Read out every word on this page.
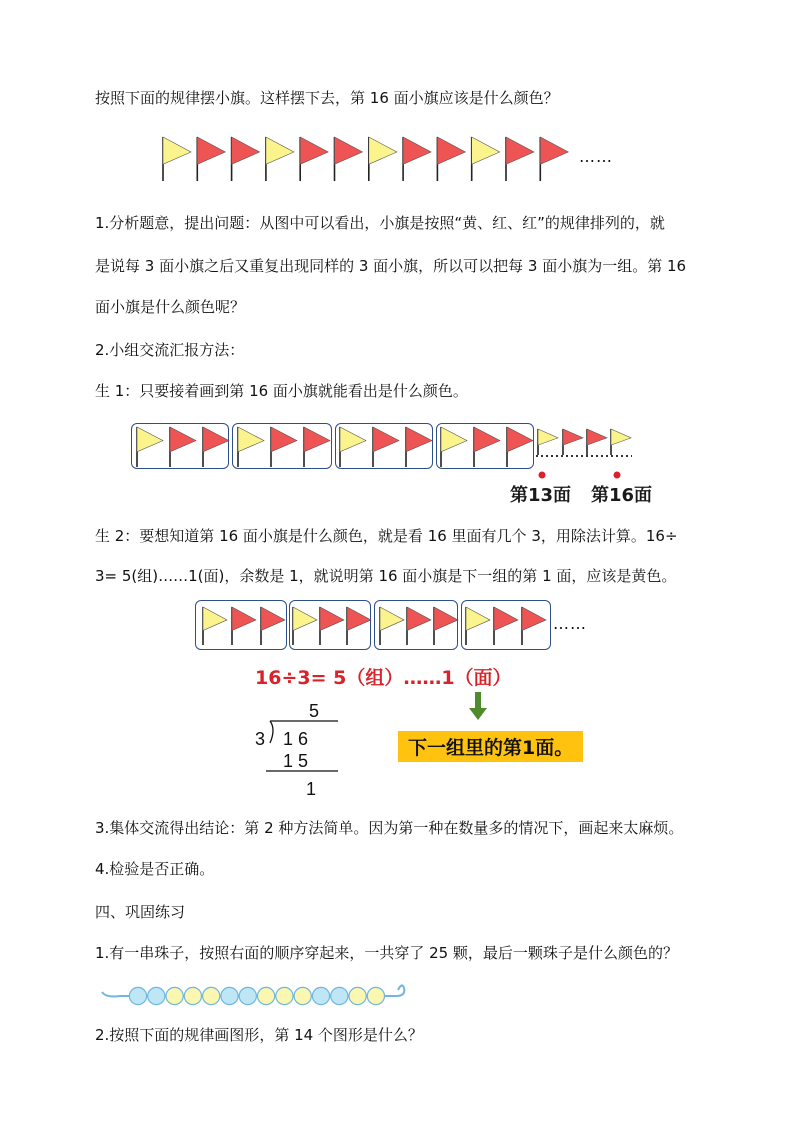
按照下面的规律摆小旗。这样摆下去，第 16 面小旗应该是什么颜色？
……
1.分析题意，提出问题：从图中可以看出，小旗是按照“黄、红、红”的规律排列的，就
是说每 3 面小旗之后又重复出现同样的 3 面小旗，所以可以把每 3 面小旗为一组。第 16
面小旗是什么颜色呢？
2.小组交流汇报方法：
生 1：只要接着画到第 16 面小旗就能看出是什么颜色。
第13面 第16面
生 2：要想知道第 16 面小旗是什么颜色，就是看 16 里面有几个 3，用除法计算。16÷
3= 5(组)……1(面)，余数是 1，就说明第 16 面小旗是下一组的第 1 面，应该是黄色。
……
16÷3= 5（组）……1（面）
下一组里的第1面。
5
3 1 6
1 5
1
3.集体交流得出结论：第 2 种方法简单。因为第一种在数量多的情况下，画起来太麻烦。
4.检验是否正确。
四、巩固练习
1.有一串珠子，按照右面的顺序穿起来，一共穿了 25 颗，最后一颗珠子是什么颜色的？
2.按照下面的规律画图形，第 14 个图形是什么？
